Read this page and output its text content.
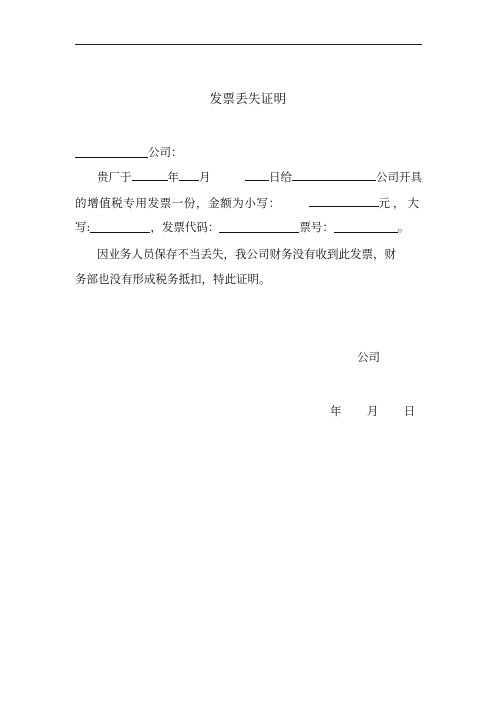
发票丢失证明
公司：
贵厂于	年 月	日给	公司开具
的增值税专用发票一份，金额为小写：	元，大
写:	，发票代码：	票号：	。
因业务人员保存不当丢失，我公司财务没有收到此发票，财
务部也没有形成税务抵扣，特此证明。
公司
年 月 日
